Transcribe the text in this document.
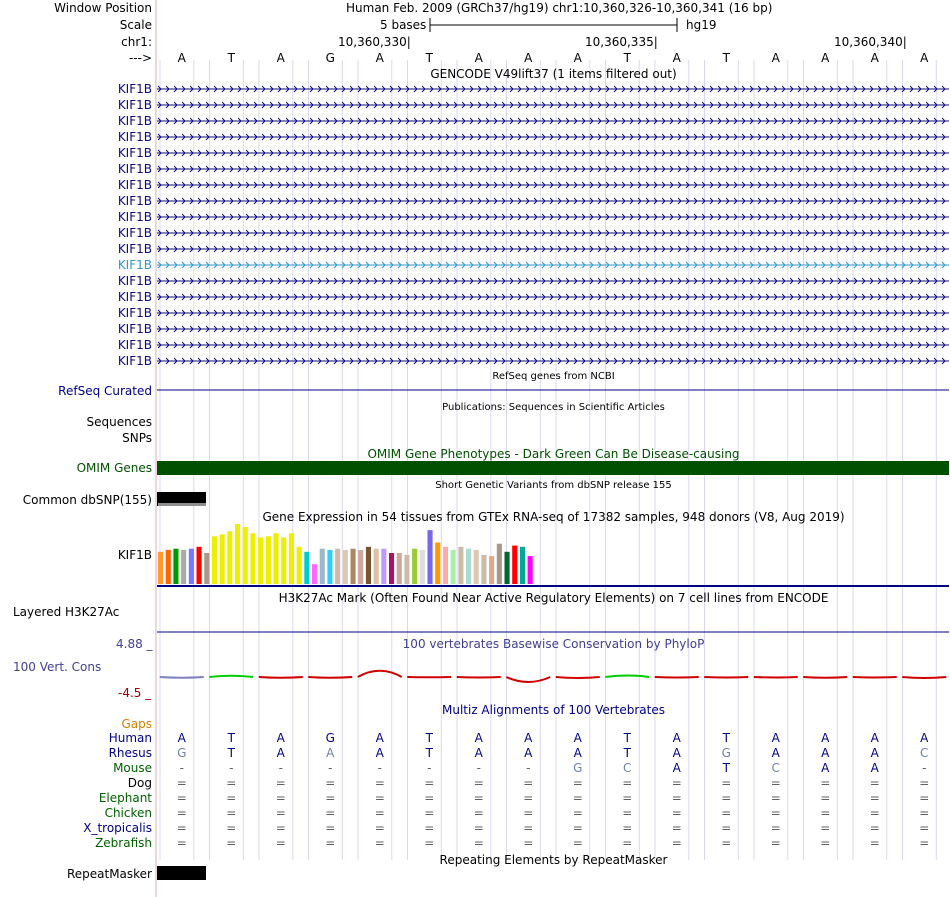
Window Position	Human Feb. 2009 (GRCh37/hg19) chr1:10,360,326-10,360,341 (16 bp)
Scale	5 bases	hg19
chr1:	10,360,330|	10,360,335|	10,360,340|
--->	A	T	A	G	A	T	A	A	A	T	A	T	A	A	A	A
GENCODE V49lift37 (1 items filtered out)
KIF1B
KIF1B
KIF1B
KIF1B
KIF1B
KIF1B
KIF1B
KIF1B
KIF1B
KIF1B
KIF1B
KIF1B
KIF1B
KIF1B
KIF1B
KIF1B
KIF1B
KIF1B
RefSeq genes from NCBI
RefSeq Curated
Publications: Sequences in Scientific Articles
Sequences
SNPs
OMIM Gene Phenotypes - Dark Green Can Be Disease-causing
OMIM Genes
Short Genetic Variants from dbSNP release 155
Common dbSNP(155)
Gene Expression in 54 tissues from GTEx RNA-seq of 17382 samples, 948 donors (V8, Aug 2019)
KIF1B
H3K27Ac Mark (Often Found Near Active Regulatory Elements) on 7 cell lines from ENCODE
Layered H3K27Ac
100 vertebrates Basewise Conservation by PhyloP
4.88 _
100 Vert. Cons
-4.5 _
Multiz Alignments of 100 Vertebrates
Gaps
Human	A	T	A	G	A	T	A	A	A	T	A	T	A	A	A	A
Rhesus	G	T	A	A	A	T	A	A	A	T	A	G	A	A	A	C
Mouse	-	-	-	-	-	-	-	-	G	C	A	T	C	A	A	-
Dog	=	=	=	=	=	=	=	=	=	=	=	=	=	=	=	=
Elephant	=	=	=	=	=	=	=	=	=	=	=	=	=	=	=	=
Chicken	=	=	=	=	=	=	=	=	=	=	=	=	=	=	=	=
X_tropicalis	=	=	=	=	=	=	=	=	=	=	=	=	=	=	=	=
Zebrafish	=	=	=	=	=	=	=	=	=	=	=	=	=	=	=	=
Repeating Elements by RepeatMasker
RepeatMasker
